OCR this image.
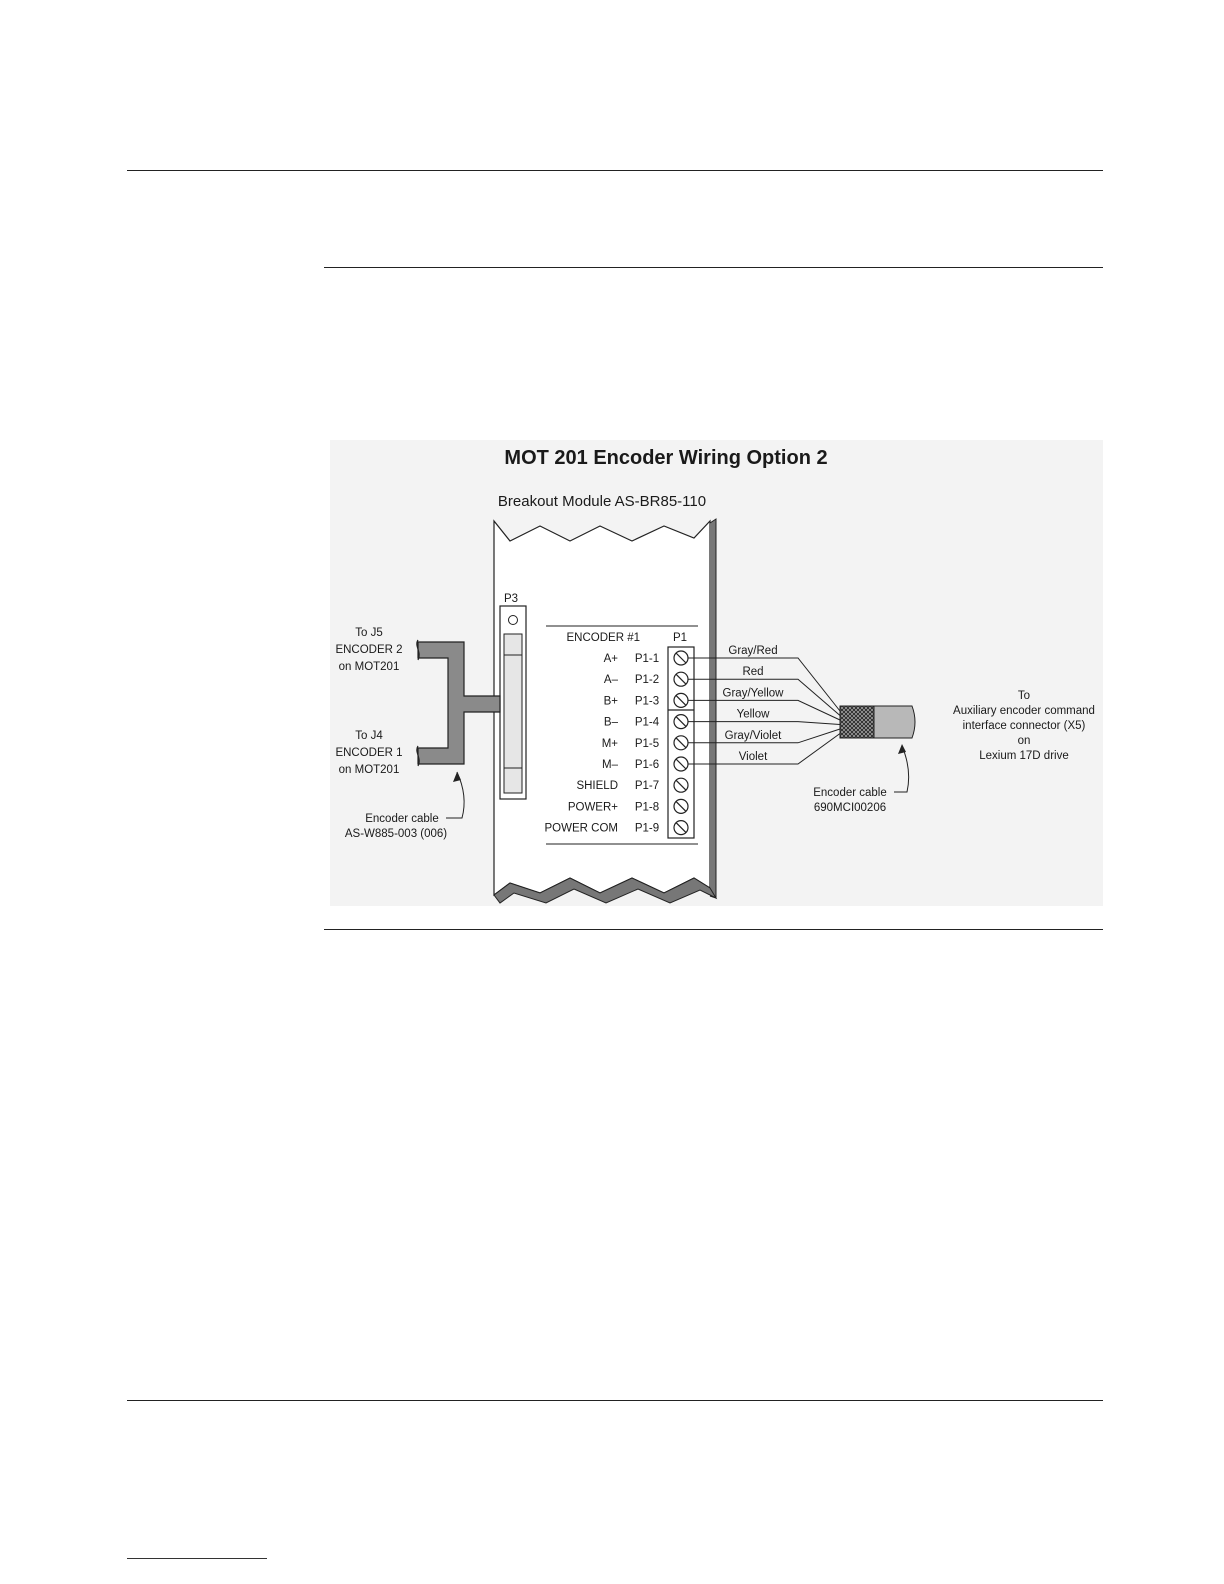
MOT 201 Encoder Wiring Option 2
Breakout Module AS-BR85-110
P3
To J5
ENCODER 2
on MOT201
To J4
ENCODER 1
on MOT201
Encoder cable
AS-W885-003 (006)
ENCODER #1	P1
A+ P1-1
A– P1-2
B+ P1-3
B– P1-4
M+ P1-5
M– P1-6
SHIELD P1-7
POWER+ P1-8
POWER COM P1-9
Gray/Red
Red
Gray/Yellow
Yellow
Gray/Violet
Violet
Encoder cable
690MCI00206
To
Auxiliary encoder command
interface connector (X5)
on
Lexium 17D drive
